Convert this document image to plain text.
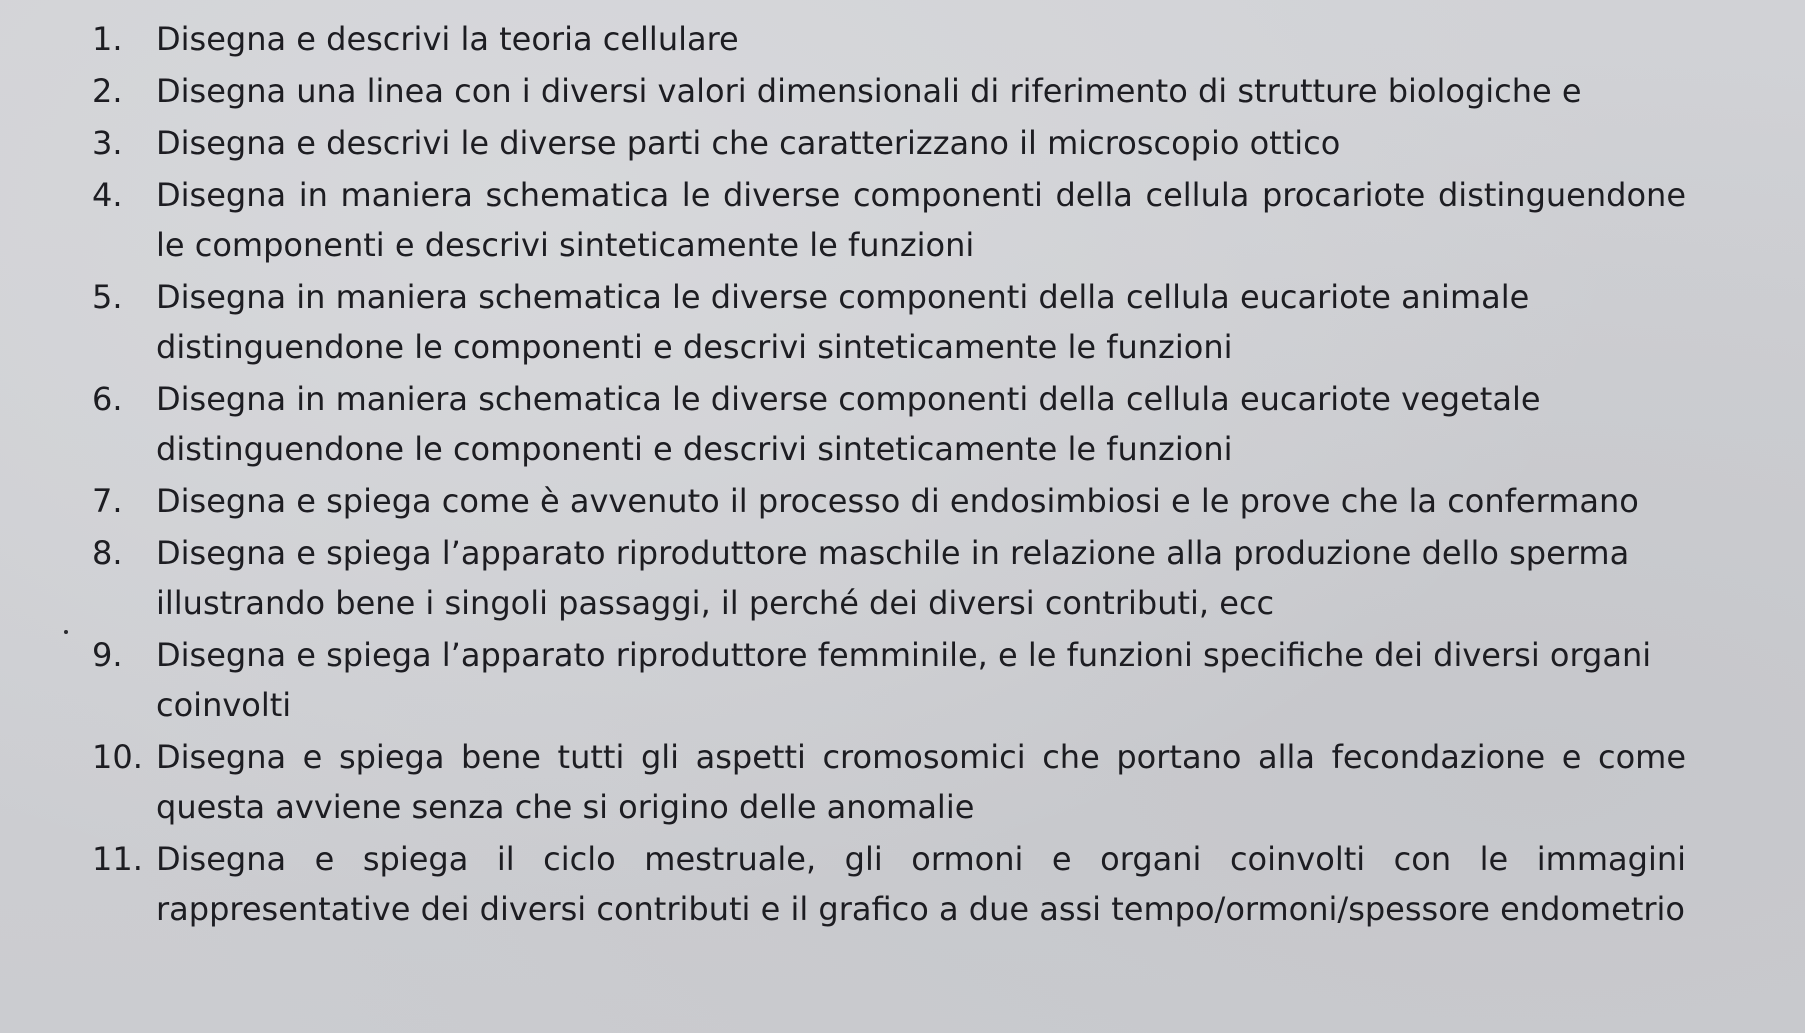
1.	Disegna e descrivi la teoria cellulare
2.	Disegna una linea con i diversi valori dimensionali di riferimento di strutture biologiche e
3.	Disegna e descrivi le diverse parti che caratterizzano il microscopio ottico
4.	Disegna in maniera schematica le diverse componenti della cellula procariote distinguendone le componenti e descrivi sinteticamente le funzioni
5.	Disegna in maniera schematica le diverse componenti della cellula eucariote animale distinguendone le componenti e descrivi sinteticamente le funzioni
6.	Disegna in maniera schematica le diverse componenti della cellula eucariote vegetale distinguendone le componenti e descrivi sinteticamente le funzioni
7.	Disegna e spiega come è avvenuto il processo di endosimbiosi e le prove che la confermano
8.	Disegna e spiega l’apparato riproduttore maschile in relazione alla produzione dello sperma illustrando bene i singoli passaggi, il perché dei diversi contributi, ecc
9.	Disegna e spiega l’apparato riproduttore femminile, e le funzioni specifiche dei diversi organi coinvolti
10. Disegna e spiega bene tutti gli aspetti cromosomici che portano alla fecondazione e come questa avviene senza che si origino delle anomalie
11. Disegna e spiega il ciclo mestruale, gli ormoni e organi coinvolti con le immagini rappresentative dei diversi contributi e il grafico a due assi tempo/ormoni/spessore endometrio
